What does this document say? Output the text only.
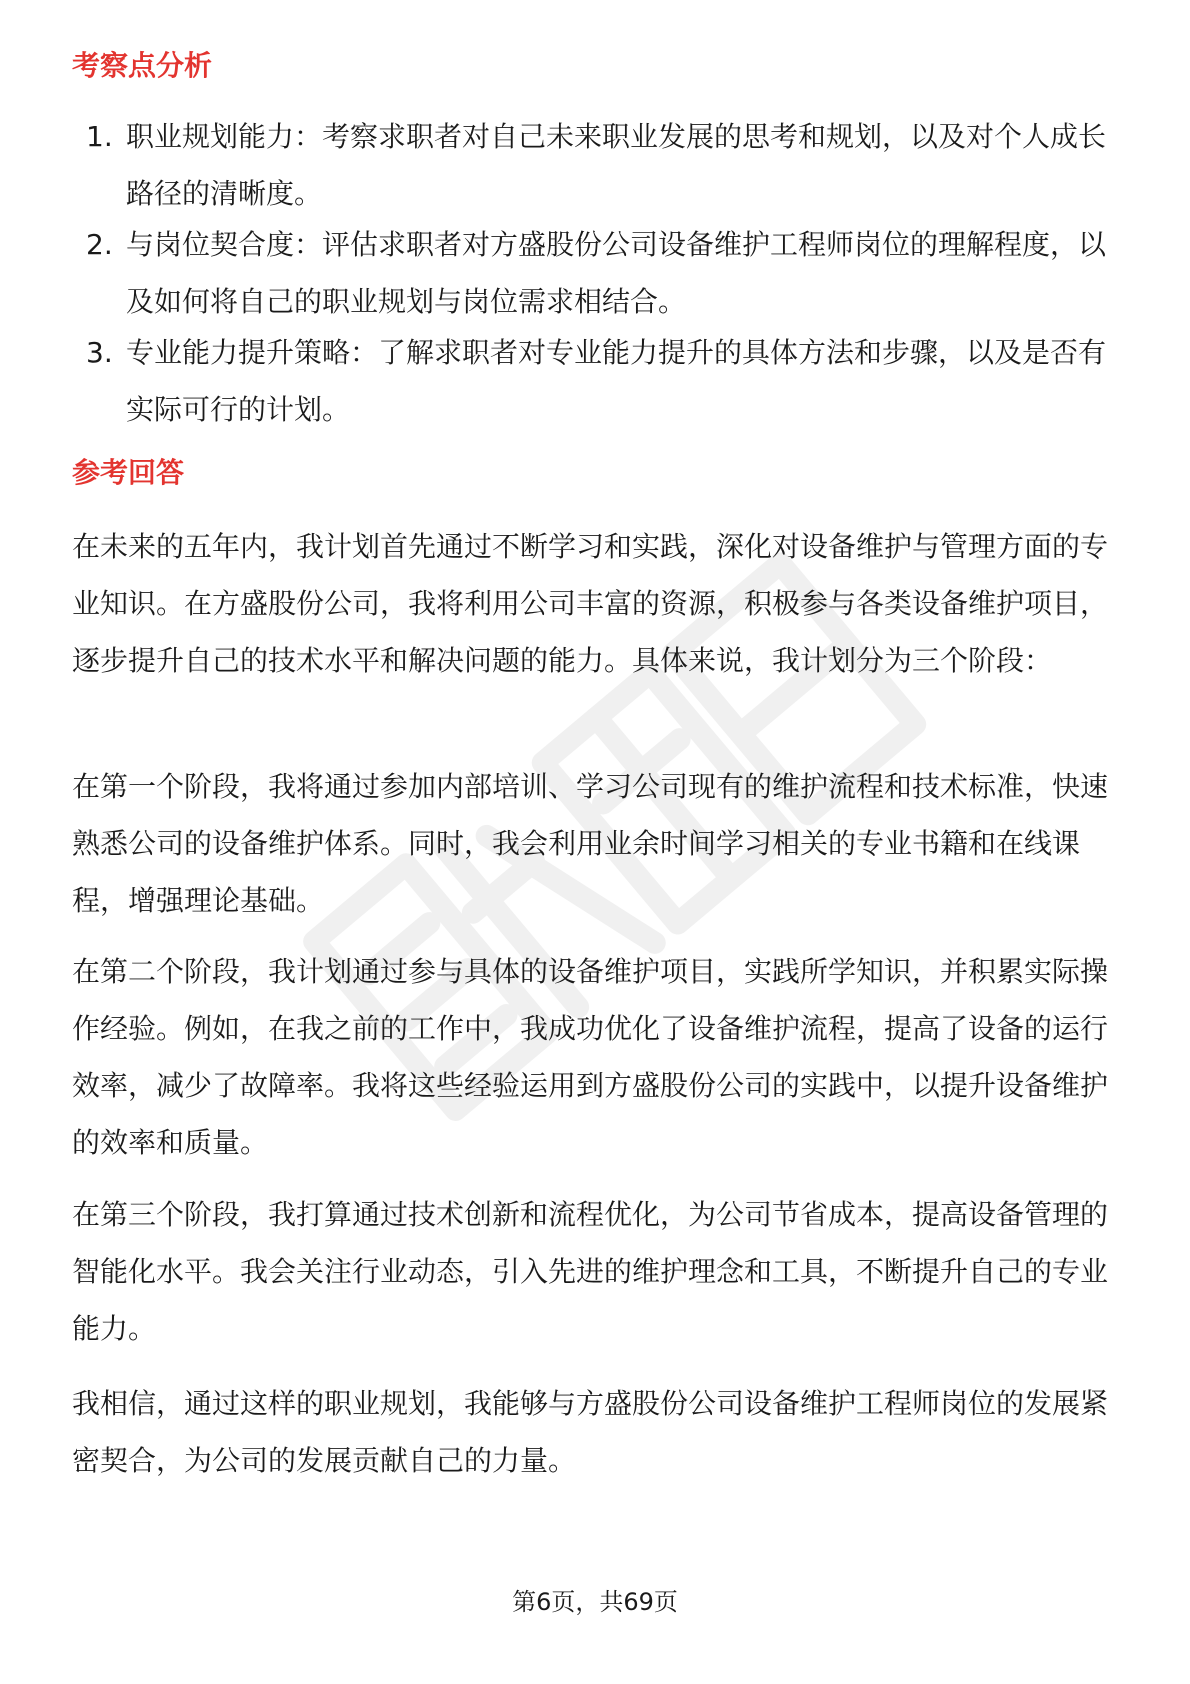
考察点分析
1. 职业规划能力：考察求职者对自己未来职业发展的思考和规划，以及对个人成长路径的清晰度。
2. 与岗位契合度：评估求职者对方盛股份公司设备维护工程师岗位的理解程度，以及如何将自己的职业规划与岗位需求相结合。
3. 专业能力提升策略：了解求职者对专业能力提升的具体方法和步骤，以及是否有实际可行的计划。
参考回答
在未来的五年内，我计划首先通过不断学习和实践，深化对设备维护与管理方面的专业知识。在方盛股份公司，我将利用公司丰富的资源，积极参与各类设备维护项目，逐步提升自己的技术水平和解决问题的能力。具体来说，我计划分为三个阶段：
在第一个阶段，我将通过参加内部培训、学习公司现有的维护流程和技术标准，快速熟悉公司的设备维护体系。同时，我会利用业余时间学习相关的专业书籍和在线课程，增强理论基础。
在第二个阶段，我计划通过参与具体的设备维护项目，实践所学知识，并积累实际操作经验。例如，在我之前的工作中，我成功优化了设备维护流程，提高了设备的运行效率，减少了故障率。我将这些经验运用到方盛股份公司的实践中，以提升设备维护的效率和质量。
在第三个阶段，我打算通过技术创新和流程优化，为公司节省成本，提高设备管理的智能化水平。我会关注行业动态，引入先进的维护理念和工具，不断提升自己的专业能力。
我相信，通过这样的职业规划，我能够与方盛股份公司设备维护工程师岗位的发展紧密契合，为公司的发展贡献自己的力量。
第6页，共69页
